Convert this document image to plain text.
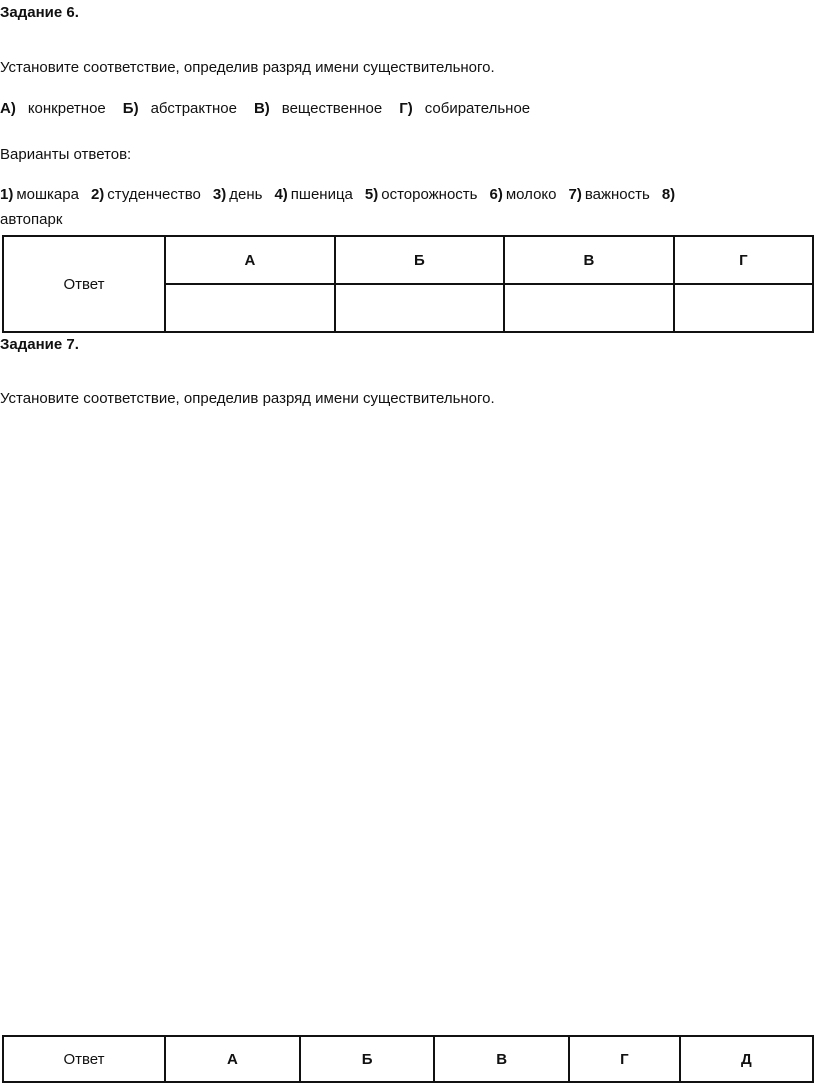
Задание 6.
Установите соответствие, определив разряд имени существительного.
А) конкретное Б) абстрактное В) вещественное Г) собирательное
Варианты ответов:
1) мошкара 2) студенчество 3) день 4) пшеница 5) осторожность 6) молоко 7) важность 8)
автопарк
Ответ	А	Б	В	Г

Задание 7.
Установите соответствие, определив разряд имени существительного.
Ответ	А	Б	В	Г	Д
